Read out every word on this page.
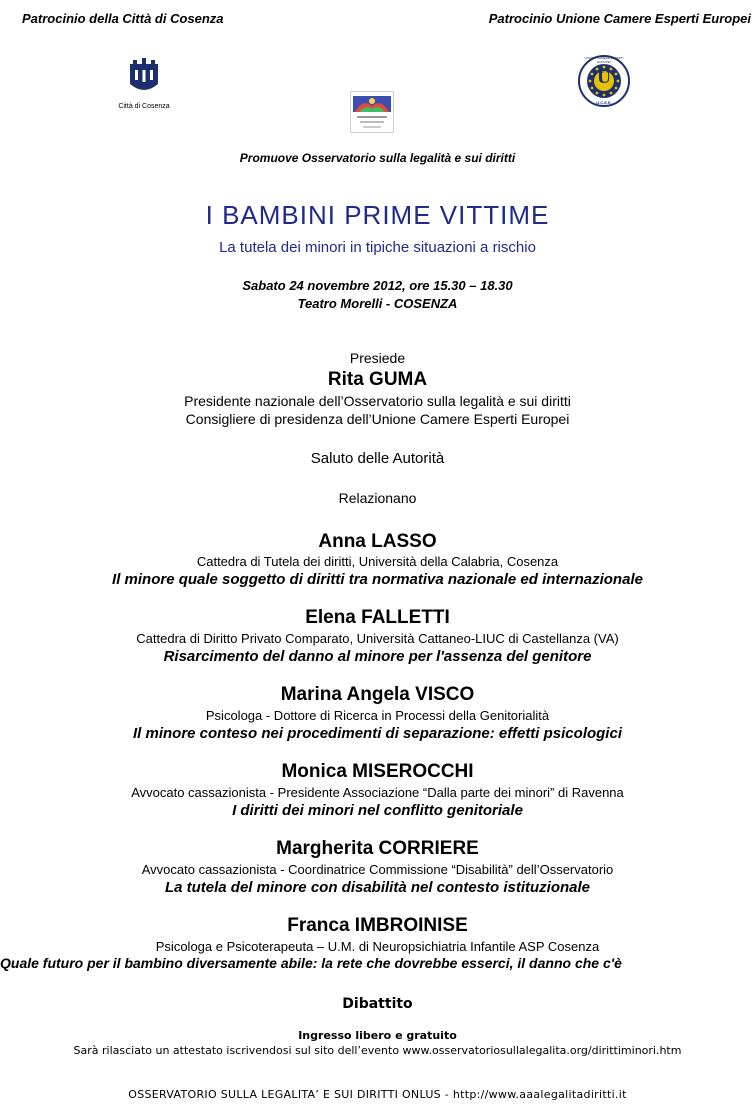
Patrocinio della Città di Cosenza	Patrocinio Unione Camere Esperti Europei
Città di Cosenza
U
UNIONE CAMERE ESPERTI EUROPEI
U.C.E.E.
Promuove Osservatorio sulla legalità e sui diritti
I BAMBINI PRIME VITTIME
La tutela dei minori in tipiche situazioni a rischio
Sabato 24 novembre 2012, ore 15.30 – 18.30
Teatro Morelli - COSENZA
Presiede
Rita GUMA
Presidente nazionale dell’Osservatorio sulla legalità e sui diritti
Consigliere di presidenza dell’Unione Camere Esperti Europei
Saluto delle Autorità
Relazionano
Anna LASSO
Cattedra di Tutela dei diritti, Università della Calabria, Cosenza
Il minore quale soggetto di diritti tra normativa nazionale ed internazionale
Elena FALLETTI
Cattedra di Diritto Privato Comparato, Università Cattaneo-LIUC di Castellanza (VA)
Risarcimento del danno al minore per l'assenza del genitore
Marina Angela VISCO
Psicologa - Dottore di Ricerca in Processi della Genitorialità
Il minore conteso nei procedimenti di separazione: effetti psicologici
Monica MISEROCCHI
Avvocato cassazionista - Presidente Associazione “Dalla parte dei minori” di Ravenna
I diritti dei minori nel conflitto genitoriale
Margherita CORRIERE
Avvocato cassazionista - Coordinatrice Commissione “Disabilità” dell’Osservatorio
La tutela del minore con disabilità nel contesto istituzionale
Franca IMBROINISE
Psicologa e Psicoterapeuta – U.M. di Neuropsichiatria Infantile ASP Cosenza
Quale futuro per il bambino diversamente abile: la rete che dovrebbe esserci, il danno che c'è
Dibattito
Ingresso libero e gratuito
Sarà rilasciato un attestato iscrivendosi sul sito dell’evento www.osservatoriosullalegalita.org/dirittiminori.htm
OSSERVATORIO SULLA LEGALITA’ E SUI DIRITTI ONLUS - http://www.aaalegalitadiritti.it
